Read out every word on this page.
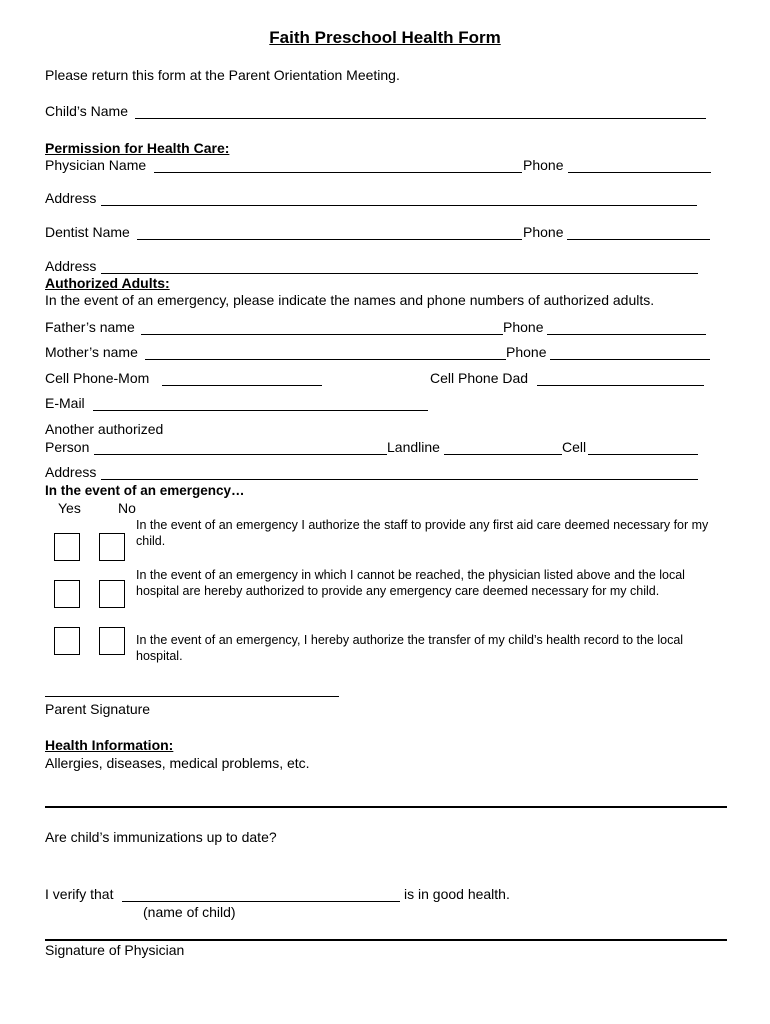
Faith Preschool Health Form
Please return this form at the Parent Orientation Meeting.
Child’s Name
Permission for Health Care:
Physician Name	Phone
Address
Dentist Name	Phone
Address
Authorized Adults:
In the event of an emergency, please indicate the names and phone numbers of authorized adults.
Father’s name	Phone
Mother’s name	Phone
Cell Phone-Mom	Cell Phone Dad
E-Mail
Another authorized
Person	Landline	Cell
Address
In the event of an emergency…
Yes	No
In the event of an emergency I authorize the staff to provide any first aid care deemed necessary for my child.
In the event of an emergency in which I cannot be reached, the physician listed above and the local hospital are hereby authorized to provide any emergency care deemed necessary for my child.
In the event of an emergency, I hereby authorize the transfer of my child’s health record to the local hospital.
Parent Signature
Health Information:
Allergies, diseases, medical problems, etc.
Are child’s immunizations up to date?
I verify that	is in good health.
(name of child)
Signature of Physician
